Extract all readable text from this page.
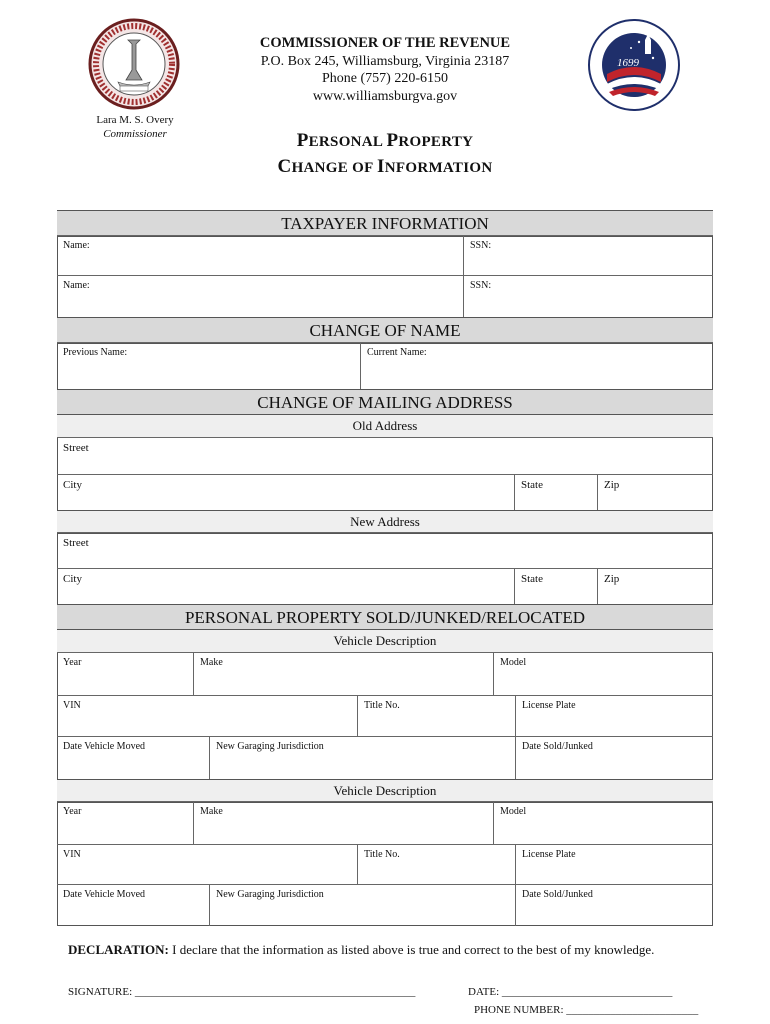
COMMISSIONER OF THE REVENUE
P.O. Box 245, Williamsburg, Virginia 23187
Phone (757) 220-6150
www.williamsburgva.gov
Lara M. S. Overy
Commissioner
1699
PERSONAL PROPERTY
CHANGE OF INFORMATION
TAXPAYER INFORMATION
Name:	SSN:
Name:	SSN:
CHANGE OF NAME
Previous Name:	Current Name:
CHANGE OF MAILING ADDRESS
Old Address
Street
City	State	Zip
New Address
Street
City	State	Zip
PERSONAL PROPERTY SOLD/JUNKED/RELOCATED
Vehicle Description
Year	Make	Model
VIN	Title No.	License Plate
Date Vehicle Moved	New Garaging Jurisdiction	Date Sold/Junked
Vehicle Description
Year	Make	Model
VIN	Title No.	License Plate
Date Vehicle Moved	New Garaging Jurisdiction	Date Sold/Junked
DECLARATION: I declare that the information as listed above is true and correct to the best of my knowledge.
SIGNATURE: ___________________________________________________	DATE: _______________________________
PHONE NUMBER: ________________________
